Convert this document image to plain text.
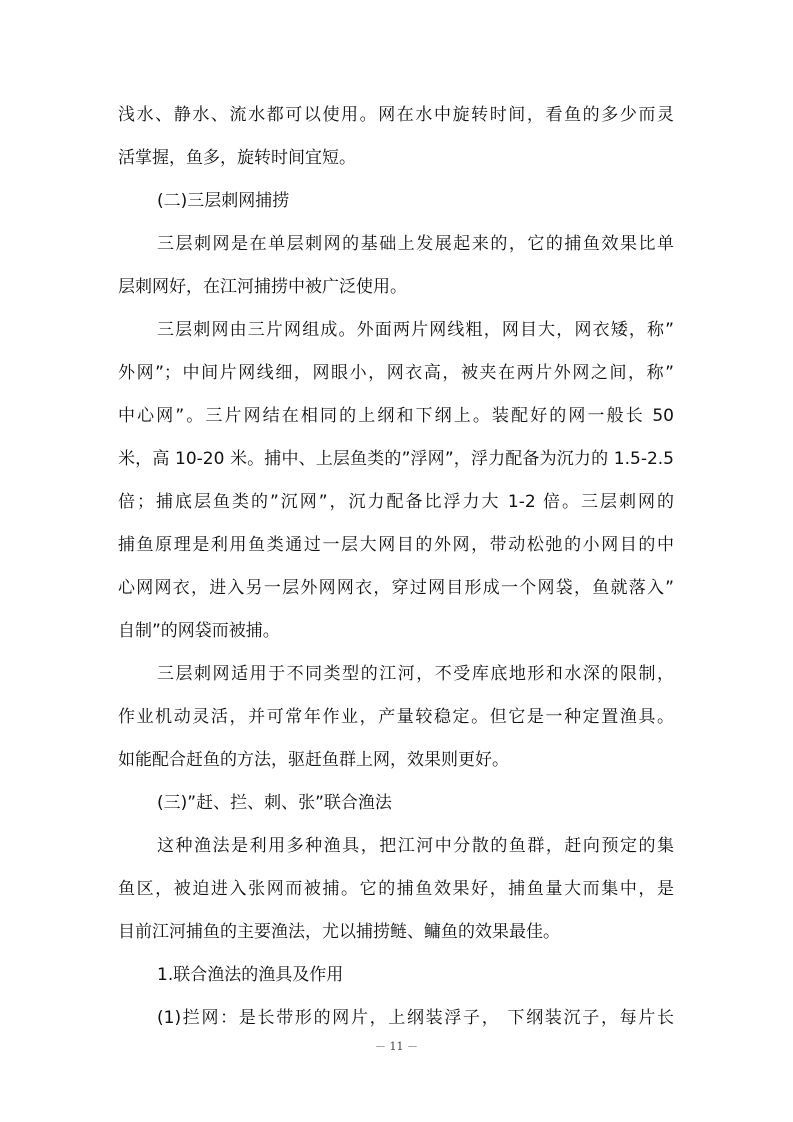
浅水、静水、流水都可以使用。网在水中旋转时间，看鱼的多少而灵
活掌握，鱼多，旋转时间宜短。
(二)三层刺网捕捞
三层刺网是在单层刺网的基础上发展起来的，它的捕鱼效果比单
层刺网好，在江河捕捞中被广泛使用。
三层刺网由三片网组成。外面两片网线粗，网目大，网衣矮，称”
外网”；中间片网线细，网眼小，网衣高，被夹在两片外网之间，称”
中心网”。三片网结在相同的上纲和下纲上。装配好的网一般长 50
米，高 10-20 米。捕中、上层鱼类的”浮网”，浮力配备为沉力的 1.5-2.5
倍；捕底层鱼类的”沉网”，沉力配备比浮力大 1-2 倍。三层刺网的
捕鱼原理是利用鱼类通过一层大网目的外网，带动松弛的小网目的中
心网网衣，进入另一层外网网衣，穿过网目形成一个网袋，鱼就落入”
自制”的网袋而被捕。
三层刺网适用于不同类型的江河，不受库底地形和水深的限制，
作业机动灵活，并可常年作业，产量较稳定。但它是一种定置渔具。
如能配合赶鱼的方法，驱赶鱼群上网，效果则更好。
(三)”赶、拦、刺、张”联合渔法
这种渔法是利用多种渔具，把江河中分散的鱼群，赶向预定的集
鱼区，被迫进入张网而被捕。它的捕鱼效果好，捕鱼量大而集中，是
目前江河捕鱼的主要渔法，尤以捕捞鲢、鳙鱼的效果最佳。
1.联合渔法的渔具及作用
(1)拦网：是长带形的网片，上纲装浮子， 下纲装沉子，每片长
－ 11 －
